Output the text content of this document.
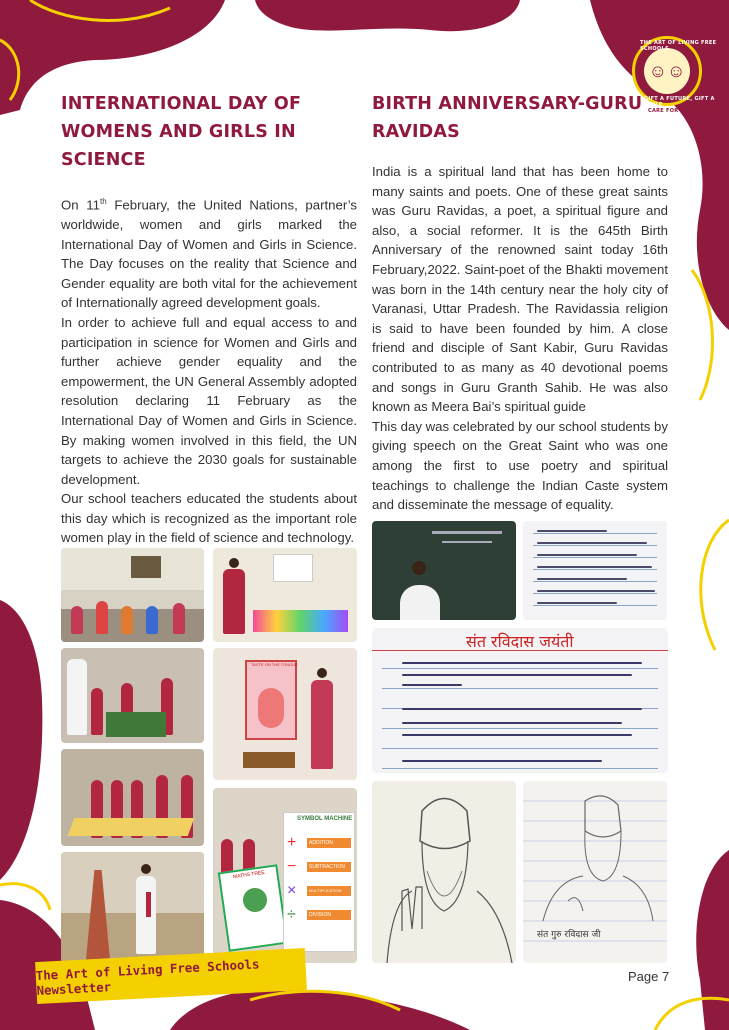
☺☺
THE ART OF LIVING FREE SCHOOLS
GIFT A FUTURE, GIFT A SMILE
CARE FOR CHILDREN
INTERNATIONAL DAY OF
WOMENS AND GIRLS IN
SCIENCE

On 11th February, the United Nations, partner’s worldwide, women and girls marked the International Day of Women and Girls in Science. The Day focuses on the reality that Science and Gender equality are both vital for the achievement of Internationally agreed development goals.

In order to achieve full and equal access to and participation in science for Women and Girls and further achieve gender equality and the empowerment, the UN General Assembly adopted resolution declaring 11 February as the International Day of Women and Girls in Science. By making women involved in this field, the UN targets to achieve the 2030 goals for sustainable development.

Our school teachers educated the students about this day which is recognized as the important role women play in the field of science and technology.

BIRTH ANNIVERSARY-GURU
RAVIDAS

India is a spiritual land that has been home to many saints and poets. One of these great saints was Guru Ravidas, a poet, a spiritual figure and also, a social reformer. It is the 645th Birth Anniversary of the renowned saint today 16th February,2022. Saint-poet of the Bhakti movement was born in the 14th century near the holy city of Varanasi, Uttar Pradesh. The Ravidassia religion is said to have been founded by him. A close friend and disciple of Sant Kabir, Guru Ravidas contributed to as many as 40 devotional poems and songs in Guru Granth Sahib. He was also known as Meera Bai’s spiritual guide

This day was celebrated by our school students by giving speech on the Great Saint who was one among the first to use poetry and spiritual teachings to challenge the Indian Caste system and disseminate the message of equality.

TASTE ON THE TONGUE
MATHS TREE
SYMBOL MACHINE
+
−
×
÷
ADDITION
SUBTRACTION
MULTIPLICATION
DIVISION
संत रविदास जयंती
संत गुरु रविदास जी
The Art of Living Free Schools Newsletter
Page 7
